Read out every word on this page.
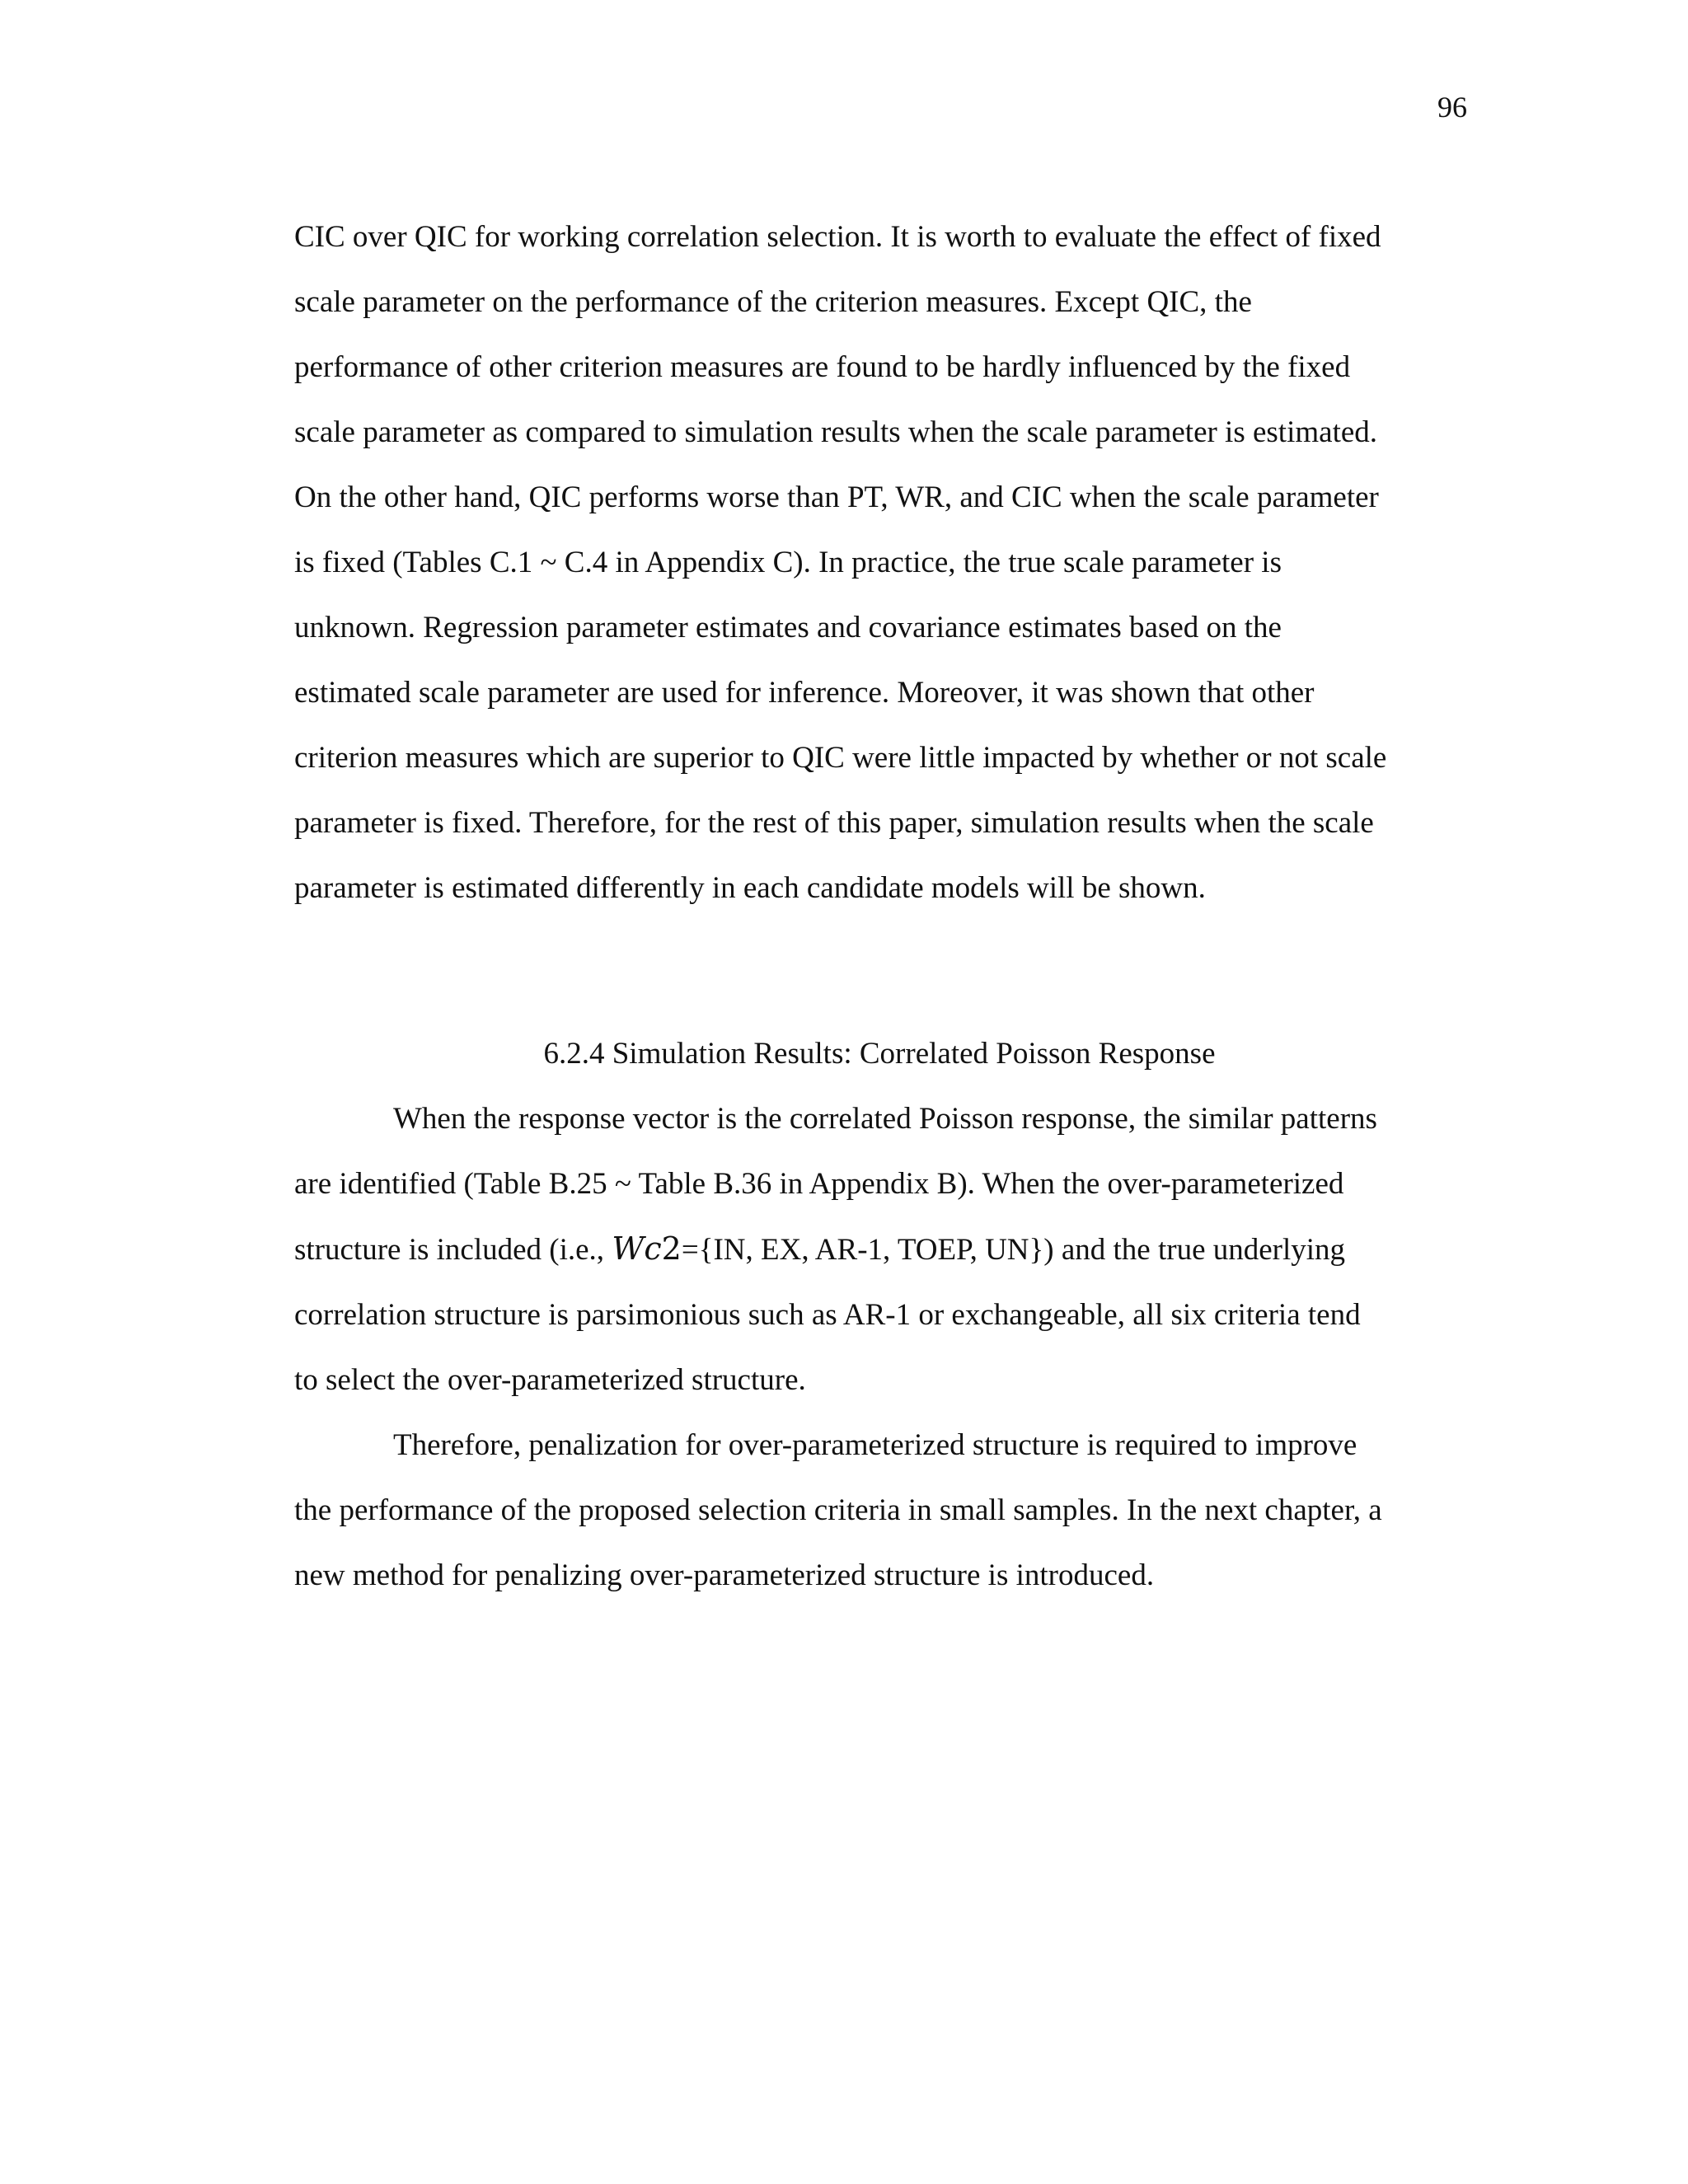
96
CIC over QIC for working correlation selection. It is worth to evaluate the effect of fixed
scale parameter on the performance of the criterion measures. Except QIC, the
performance of other criterion measures are found to be hardly influenced by the fixed
scale parameter as compared to simulation results when the scale parameter is estimated.
On the other hand, QIC performs worse than PT, WR, and CIC when the scale parameter
is fixed (Tables C.1 ~ C.4 in Appendix C). In practice, the true scale parameter is
unknown. Regression parameter estimates and covariance estimates based on the
estimated scale parameter are used for inference. Moreover, it was shown that other
criterion measures which are superior to QIC were little impacted by whether or not scale
parameter is fixed. Therefore, for the rest of this paper, simulation results when the scale
parameter is estimated differently in each candidate models will be shown.
6.2.4 Simulation Results: Correlated Poisson Response
When the response vector is the correlated Poisson response, the similar patterns
are identified (Table B.25 ~ Table B.36 in Appendix B). When the over-parameterized
structure is included (i.e., Wc2={IN, EX, AR-1, TOEP, UN}) and the true underlying
correlation structure is parsimonious such as AR-1 or exchangeable, all six criteria tend
to select the over-parameterized structure.
Therefore, penalization for over-parameterized structure is required to improve
the performance of the proposed selection criteria in small samples. In the next chapter, a
new method for penalizing over-parameterized structure is introduced.
